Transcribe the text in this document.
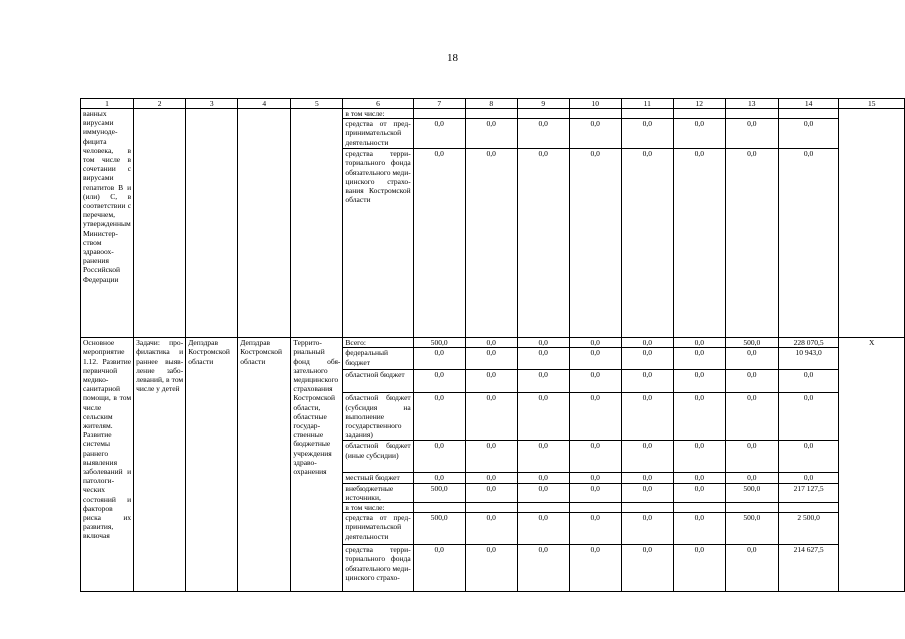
18
1	2	3	4	5	6	7	8	9	10	11	12	13	14	15
ванных вирусами иммунодефицита человека, в том числе в сочетании с вирусами гепатитов В и (или) С, в соответствии с перечнем, утвержденным Министерством здравоохранения Российской Федерации					в том числе:									
					средства от предпринимательской деятельности	0,0	0,0	0,0	0,0	0,0	0,0	0,0	0,0	
					средства территориального фонда обязательного медицинского страхования Костромской области	0,0	0,0	0,0	0,0	0,0	0,0	0,0	0,0	
Основное мероприятие 1.12. Развитие первичной медико-санитарной помощи, в том числе сельским жителям. Развитие системы раннего выявления заболеваний и патологических состояний и факторов риска их развития, включая	Задачи: профилактика и раннее выявление заболеваний, в том числе у детей	Депздрав Костромской области	Депздрав Костромской области	Территориальный фонд обязательного медицинского страхования Костромской области, областные государственные бюджетные учреждения здравоохранения	Всего:	500,0	0,0	0,0	0,0	0,0	0,0	500,0	228 070,5	X
					федеральный бюджет	0,0	0,0	0,0	0,0	0,0	0,0	0,0	10 943,0	
					областной бюджет	0,0	0,0	0,0	0,0	0,0	0,0	0,0	0,0	
					областной бюджет (субсидия на выполнение государственного задания)	0,0	0,0	0,0	0,0	0,0	0,0	0,0	0,0	
					областной бюджет (иные субсидии)	0,0	0,0	0,0	0,0	0,0	0,0	0,0	0,0	
					местный бюджет	0,0	0,0	0,0	0,0	0,0	0,0	0,0	0,0	
					внебюджетные источники,	500,0	0,0	0,0	0,0	0,0	0,0	500,0	217 127,5	
					в том числе:									
					средства от предпринимательской деятельности	500,0	0,0	0,0	0,0	0,0	0,0	500,0	2 500,0	
					средства территориального фонда обязательного медицинского страхо-	0,0	0,0	0,0	0,0	0,0	0,0	0,0	214 627,5	
